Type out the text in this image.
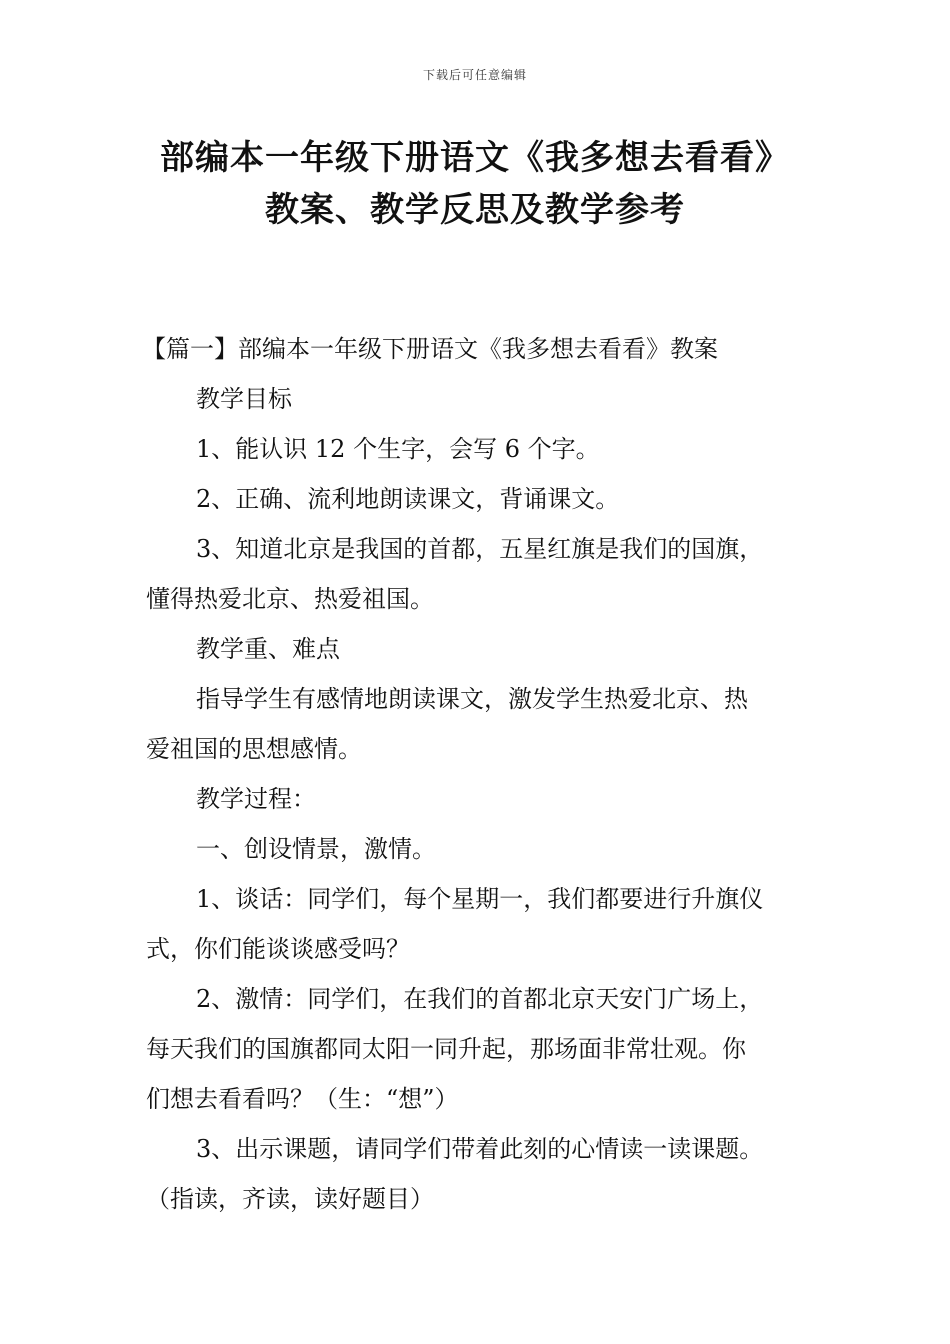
下载后可任意编辑
部编本一年级下册语文《我多想去看看》
教案、教学反思及教学参考
【篇一】部编本一年级下册语文《我多想去看看》教案
教学目标
1、能认识 12 个生字，会写 6 个字。
2、正确、流利地朗读课文，背诵课文。
3、知道北京是我国的首都，五星红旗是我们的国旗，
懂得热爱北京、热爱祖国。
教学重、难点
指导学生有感情地朗读课文，激发学生热爱北京、热
爱祖国的思想感情。
教学过程：
一、创设情景，激情。
1、谈话：同学们，每个星期一，我们都要进行升旗仪
式，你们能谈谈感受吗？
2、激情：同学们，在我们的首都北京天安门广场上，
每天我们的国旗都同太阳一同升起，那场面非常壮观。你
们想去看看吗？（生：“想”）
3、出示课题，请同学们带着此刻的心情读一读课题。
（指读，齐读，读好题目）
